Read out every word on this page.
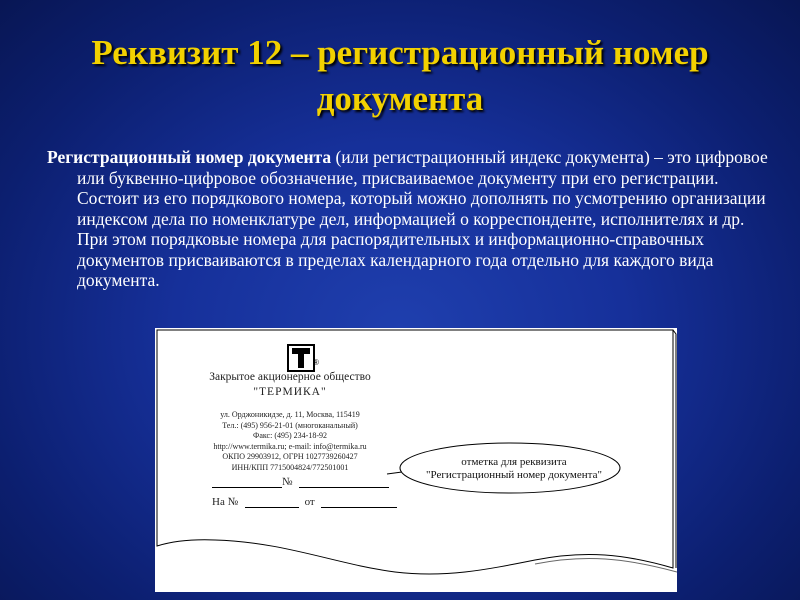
Реквизит 12 – регистрационный номер документа
Регистрационный номер документа (или регистрационный индекс документа) – это цифровое или буквенно-цифровое обозначение, присваиваемое документу при его регистрации. Состоит из его порядкового номера, который можно дополнять по усмотрению организации индексом дела по номенклатуре дел, информацией о корреспонденте, исполнителях и др. При этом порядковые номера для распорядительных и информационно-справочных документов присваиваются в пределах календарного года отдельно для каждого вида документа.
®
Закрытое акционерное общество
"ТЕРМИКА"
ул. Орджоникидзе, д. 11, Москва, 115419
Тел.: (495) 956-21-01 (многоканальный)
Факс: (495) 234-18-92
http://www.termika.ru; e-mail: info@termika.ru
ОКПО 29903912, ОГРН 1027739260427
ИНН/КПП 7715004824/772501001
№
На №	от
отметка для реквизита
"Регистрационный номер документа"
